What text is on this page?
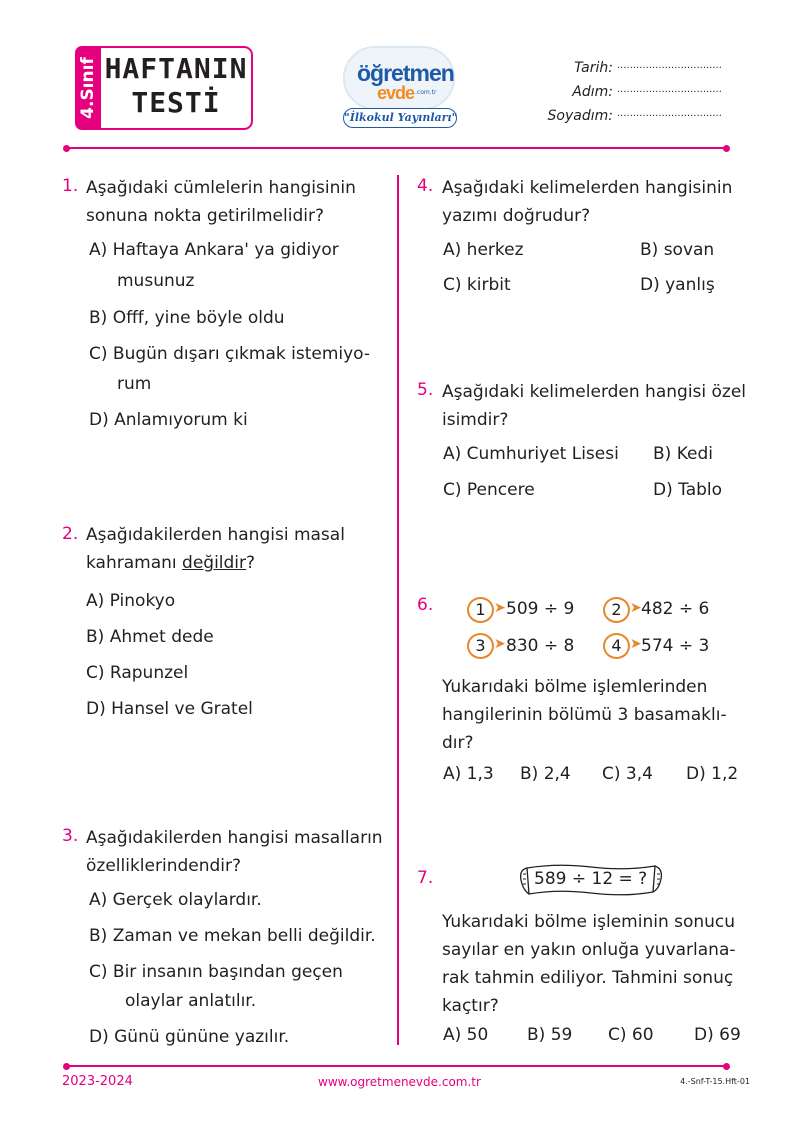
4.Sınıf HAFTANIN
TESTİ
öğretmen
evde .com.tr
"İlkokul Yayınları"
Tarih: .................................
Adım: .................................
Soyadım: .................................
1. Aşağıdaki cümlelerin hangisinin
sonuna nokta getirilmelidir?
A) Haftaya Ankara' ya gidiyor
musunuz
B) Offf, yine böyle oldu
C) Bugün dışarı çıkmak istemiyo-
rum
D) Anlamıyorum ki
2. Aşağıdakilerden hangisi masal
kahramanı değildir?
A) Pinokyo
B) Ahmet dede
C) Rapunzel
D) Hansel ve Gratel
3. Aşağıdakilerden hangisi masalların
özelliklerindendir?
A) Gerçek olaylardır.
B) Zaman ve mekan belli değildir.
C) Bir insanın başından geçen
olaylar anlatılır.
D) Günü gününe yazılır.
4. Aşağıdaki kelimelerden hangisinin
yazımı doğrudur?
A) herkez	B) sovan
C) kirbit	D) yanlış
5. Aşağıdaki kelimelerden hangisi özel
isimdir?
A) Cumhuriyet Lisesi B) Kedi
C) Pencere	D) Tablo
6.	1 ➤ 509 ÷ 9	2 ➤ 482 ÷ 6
3 ➤ 830 ÷ 8	4 ➤ 574 ÷ 3
Yukarıdaki bölme işlemlerinden
hangilerinin bölümü 3 basamaklı-
dır?
A) 1,3 B) 2,4 C) 3,4 D) 1,2
7.	589 ÷ 12 = ?
Yukarıdaki bölme işleminin sonucu
sayılar en yakın onluğa yuvarlana-
rak tahmin ediliyor. Tahmini sonuç
kaçtır?
A) 50 B) 59 C) 60 D) 69
2023-2024	www.ogretmenevde.com.tr	4.-Snf-T-15.Hft-01
